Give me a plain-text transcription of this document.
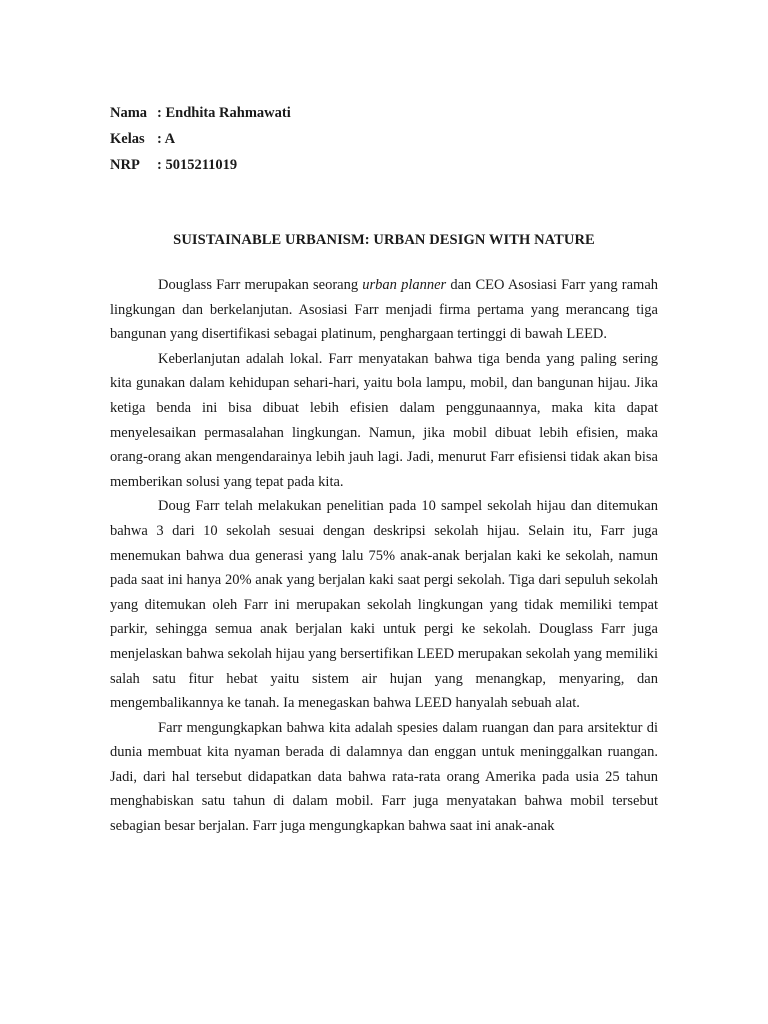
Nama : Endhita Rahmawati
Kelas : A
NRP	: 5015211019
SUISTAINABLE URBANISM: URBAN DESIGN WITH NATURE

Douglass Farr merupakan seorang urban planner dan CEO Asosiasi Farr yang ramah lingkungan dan berkelanjutan. Asosiasi Farr menjadi firma pertama yang merancang tiga bangunan yang disertifikasi sebagai platinum, penghargaan tertinggi di bawah LEED.

Keberlanjutan adalah lokal. Farr menyatakan bahwa tiga benda yang paling sering kita gunakan dalam kehidupan sehari-hari, yaitu bola lampu, mobil, dan bangunan hijau. Jika ketiga benda ini bisa dibuat lebih efisien dalam penggunaannya, maka kita dapat menyelesaikan permasalahan lingkungan. Namun, jika mobil dibuat lebih efisien, maka orang-orang akan mengendarainya lebih jauh lagi. Jadi, menurut Farr efisiensi tidak akan bisa memberikan solusi yang tepat pada kita.

Doug Farr telah melakukan penelitian pada 10 sampel sekolah hijau dan ditemukan bahwa 3 dari 10 sekolah sesuai dengan deskripsi sekolah hijau. Selain itu, Farr juga menemukan bahwa dua generasi yang lalu 75% anak-anak berjalan kaki ke sekolah, namun pada saat ini hanya 20% anak yang berjalan kaki saat pergi sekolah. Tiga dari sepuluh sekolah yang ditemukan oleh Farr ini merupakan sekolah lingkungan yang tidak memiliki tempat parkir, sehingga semua anak berjalan kaki untuk pergi ke sekolah. Douglass Farr juga menjelaskan bahwa sekolah hijau yang bersertifikan LEED merupakan sekolah yang memiliki salah satu fitur hebat yaitu sistem air hujan yang menangkap, menyaring, dan mengembalikannya ke tanah. Ia menegaskan bahwa LEED hanyalah sebuah alat.

Farr mengungkapkan bahwa kita adalah spesies dalam ruangan dan para arsitektur di dunia membuat kita nyaman berada di dalamnya dan enggan untuk meninggalkan ruangan. Jadi, dari hal tersebut didapatkan data bahwa rata-rata orang Amerika pada usia 25 tahun menghabiskan satu tahun di dalam mobil. Farr juga menyatakan bahwa mobil tersebut sebagian besar berjalan. Farr juga mengungkapkan bahwa saat ini anak-anak
